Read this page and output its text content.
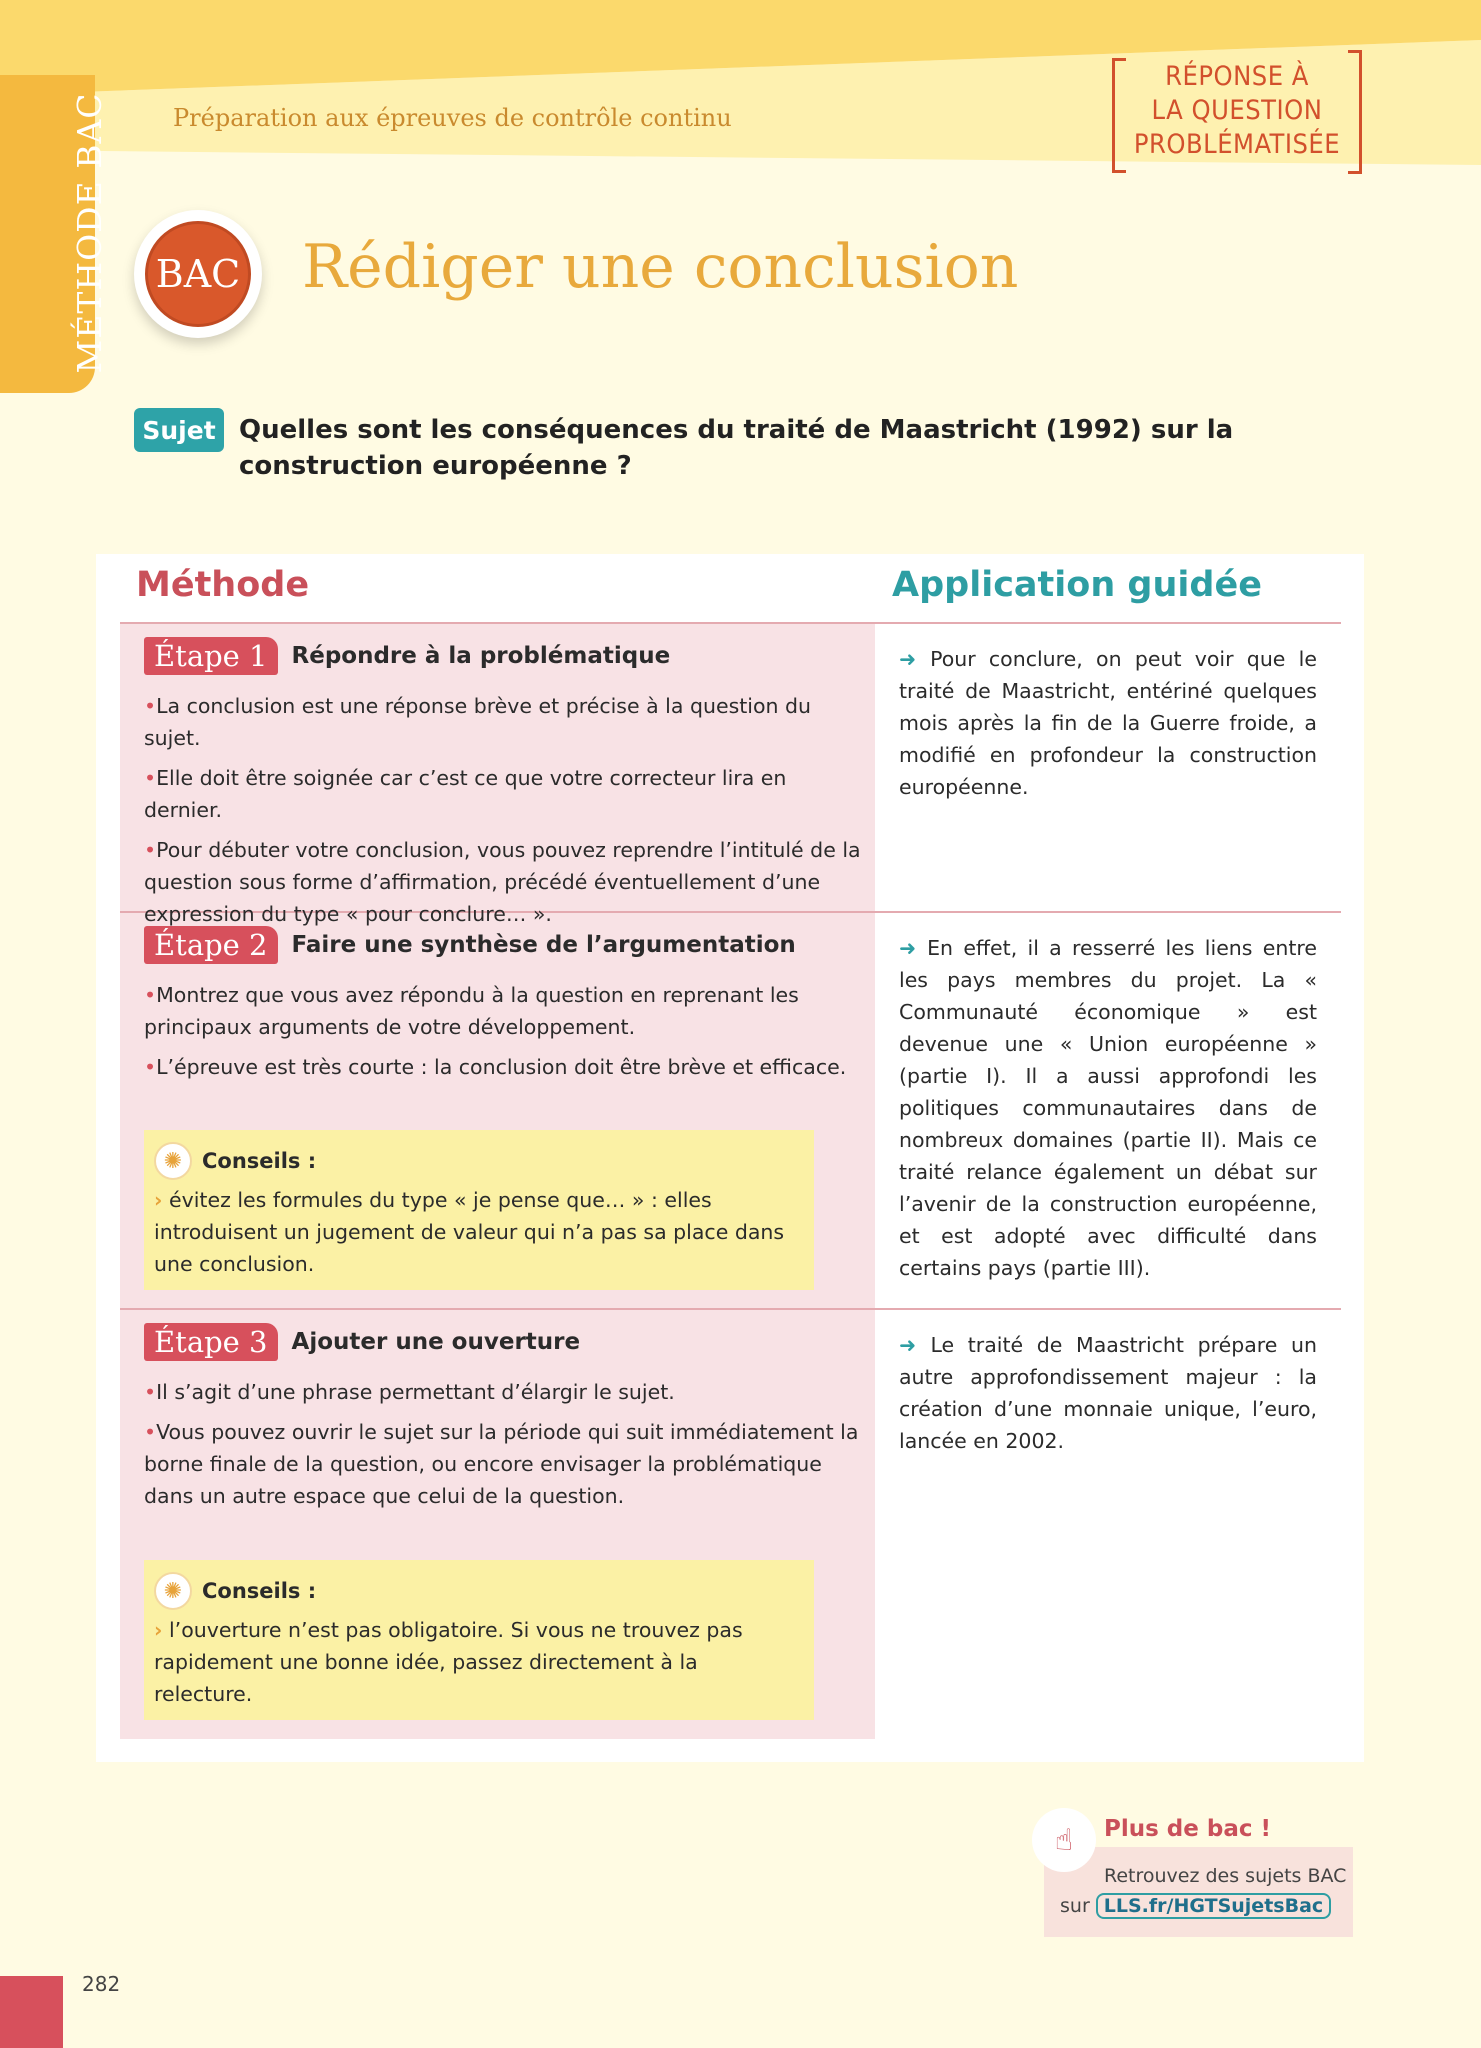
MÉTHODE BAC	Préparation aux épreuves de contrôle continu
RÉPONSE À
LA QUESTION
PROBLÉMATISÉE
BAC Rédiger une conclusion
Sujet Quelles sont les conséquences du traité de Maastricht (1992) sur la construction européenne ?
Méthode	Application guidée
Étape 1	Répondre à la problématique

•La conclusion est une réponse brève et précise à la question du sujet.

•Elle doit être soignée car c’est ce que votre correcteur lira en dernier.

•Pour débuter votre conclusion, vous pouvez reprendre l’intitulé de la question sous forme d’affirmation, précédé éventuellement d’une expression du type « pour conclure… ».

➜ Pour conclure, on peut voir que le traité de Maastricht, entériné quelques mois après la fin de la Guerre froide, a modifié en profondeur la construction européenne.
Étape 2	Faire une synthèse de l’argumentation

•Montrez que vous avez répondu à la question en reprenant les principaux arguments de votre développement.

•L’épreuve est très courte : la conclusion doit être brève et efficace.

✺ Conseils :
› évitez les formules du type « je pense que… » : elles introduisent un jugement de valeur qui n’a pas sa place dans une conclusion.
➜ En effet, il a resserré les liens entre les pays membres du projet. La « Communauté économique » est devenue une « Union européenne » (partie I). Il a aussi approfondi les politiques communautaires dans de nombreux domaines (partie II). Mais ce traité relance également un débat sur l’avenir de la construction européenne, et est adopté avec difficulté dans certains pays (partie III).
Étape 3	Ajouter une ouverture

•Il s’agit d’une phrase permettant d’élargir le sujet.

•Vous pouvez ouvrir le sujet sur la période qui suit immédiatement la borne finale de la question, ou encore envisager la problématique dans un autre espace que celui de la question.

✺ Conseils :
› l’ouverture n’est pas obligatoire. Si vous ne trouvez pas rapidement une bonne idée, passez directement à la relecture.
➜ Le traité de Maastricht prépare un autre approfondissement majeur : la création d’une monnaie unique, l’euro, lancée en 2002.
☝	Plus de bac !
Retrouvez des sujets BAC
sur LLS.fr/HGTSujetsBac
282
